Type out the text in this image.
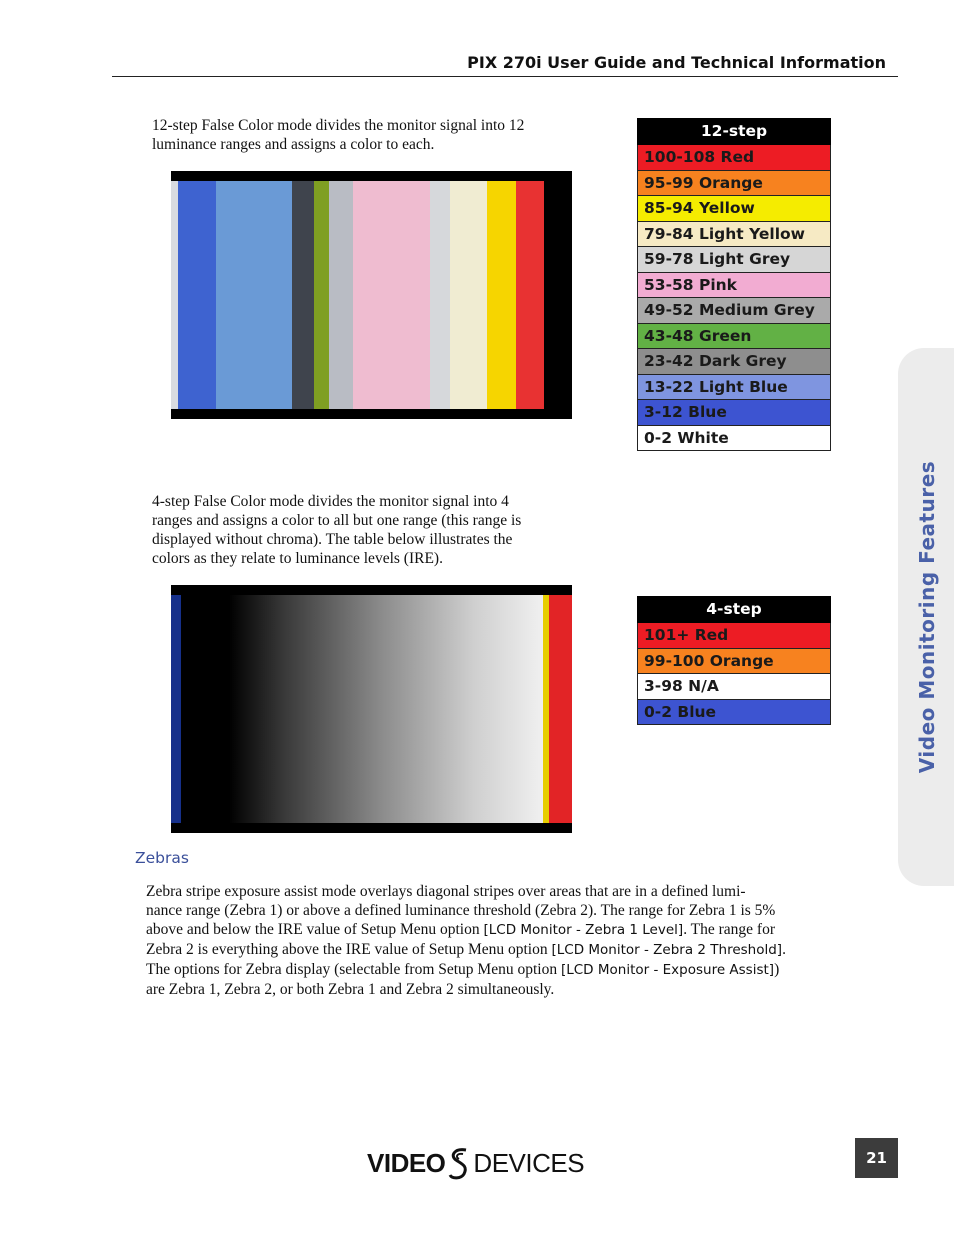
PIX 270i User Guide and Technical Information
Video Monitoring Features
12-step False Color mode divides the monitor signal into 12
luminance ranges and assigns a color to each.
12-step
100-108 Red
95-99 Orange
85-94 Yellow
79-84 Light Yellow
59-78 Light Grey
53-58 Pink
49-52 Medium Grey
43-48 Green
23-42 Dark Grey
13-22 Light Blue
3-12 Blue
0-2 White
4-step False Color mode divides the monitor signal into 4
ranges and assigns a color to all but one range (this range is
displayed without chroma). The table below illustrates the
colors as they relate to luminance levels (IRE).
4-step
101+ Red
99-100 Orange
3-98 N/A
0-2 Blue
Zebras
Zebra stripe exposure assist mode overlays diagonal stripes over areas that are in a defined lumi-
nance range (Zebra 1) or above a defined luminance threshold (Zebra 2). The range for Zebra 1 is 5%
above and below the IRE value of Setup Menu option [LCD Monitor - Zebra 1 Level]. The range for
Zebra 2 is everything above the IRE value of Setup Menu option [LCD Monitor - Zebra 2 Threshold].
The options for Zebra display (selectable from Setup Menu option [LCD Monitor - Exposure Assist])
are Zebra 1, Zebra 2, or both Zebra 1 and Zebra 2 simultaneously.
VIDEO DEVICES	21
